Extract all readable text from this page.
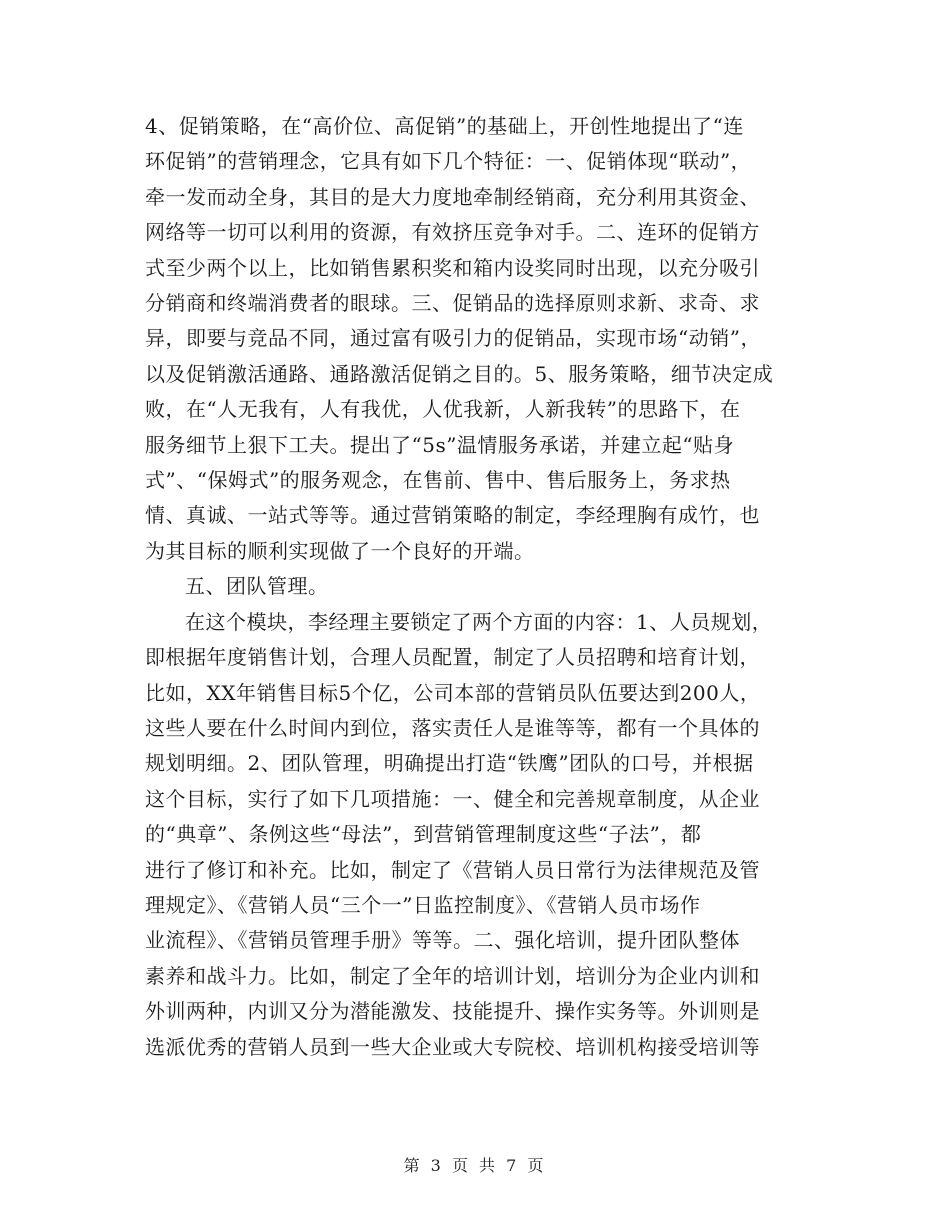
4、促销策略，在“高价位、高促销”的基础上，开创性地提出了“连
环促销”的营销理念，它具有如下几个特征：一、促销体现“联动”，
牵一发而动全身，其目的是大力度地牵制经销商，充分利用其资金、
网络等一切可以利用的资源，有效挤压竞争对手。二、连环的促销方
式至少两个以上，比如销售累积奖和箱内设奖同时出现，以充分吸引
分销商和终端消费者的眼球。三、促销品的选择原则求新、求奇、求
异，即要与竞品不同，通过富有吸引力的促销品，实现市场“动销”，
以及促销激活通路、通路激活促销之目的。5、服务策略，细节决定成
败，在“人无我有，人有我优，人优我新，人新我转”的思路下，在
服务细节上狠下工夫。提出了“5s”温情服务承诺，并建立起“贴身
式”、“保姆式”的服务观念，在售前、售中、售后服务上，务求热
情、真诚、一站式等等。通过营销策略的制定，李经理胸有成竹，也
为其目标的顺利实现做了一个良好的开端。

五、团队管理。

在这个模块，李经理主要锁定了两个方面的内容：1、人员规划，
即根据年度销售计划，合理人员配置，制定了人员招聘和培育计划，
比如，XX年销售目标5个亿，公司本部的营销员队伍要达到200人，
这些人要在什么时间内到位，落实责任人是谁等等，都有一个具体的
规划明细。2、团队管理，明确提出打造“铁鹰”团队的口号，并根据
这个目标，实行了如下几项措施：一、健全和完善规章制度，从企业
的“典章”、条例这些“母法”，到营销管理制度这些“子法”，都
进行了修订和补充。比如，制定了《营销人员日常行为法律规范及管
理规定》、《营销人员“三个一”日监控制度》、《营销人员市场作
业流程》、《营销员管理手册》等等。二、强化培训，提升团队整体
素养和战斗力。比如，制定了全年的培训计划，培训分为企业内训和
外训两种，内训又分为潜能激发、技能提升、操作实务等。外训则是
选派优秀的营销人员到一些大企业或大专院校、培训机构接受培训等

第 3 页 共 7 页
